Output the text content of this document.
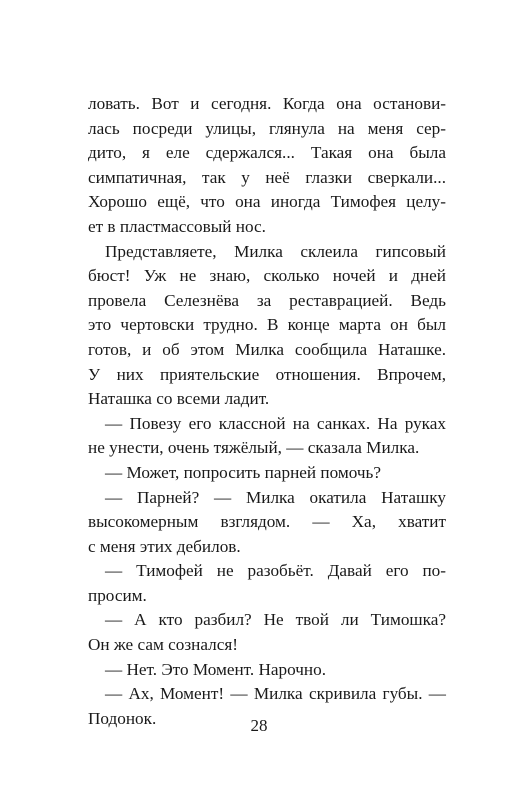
ловать. Вот и сегодня. Когда она останови-
лась посреди улицы, глянула на меня сер-
дито, я еле сдержался... Такая она была
симпатичная, так у неё глазки сверкали...
Хорошо ещё, что она иногда Тимофея целу-
ет в пластмассовый нос.
Представляете, Милка склеила гипсовый
бюст! Уж не знаю, сколько ночей и дней
провела Селезнёва за реставрацией. Ведь
это чертовски трудно. В конце марта он был
готов, и об этом Милка сообщила Наташке.
У них приятельские отношения. Впрочем,
Наташка со всеми ладит.
— Повезу его классной на санках. На руках
не унести, очень тяжёлый, — сказала Милка.
— Может, попросить парней помочь?
— Парней? — Милка окатила Наташку
высокомерным взглядом. — Ха, хватит
с меня этих дебилов.
— Тимофей не разобьёт. Давай его по-
просим.
— А кто разбил? Не твой ли Тимошка?
Он же сам сознался!
— Нет. Это Момент. Нарочно.
— Ах, Момент! — Милка скривила губы. —
Подонок.	28
